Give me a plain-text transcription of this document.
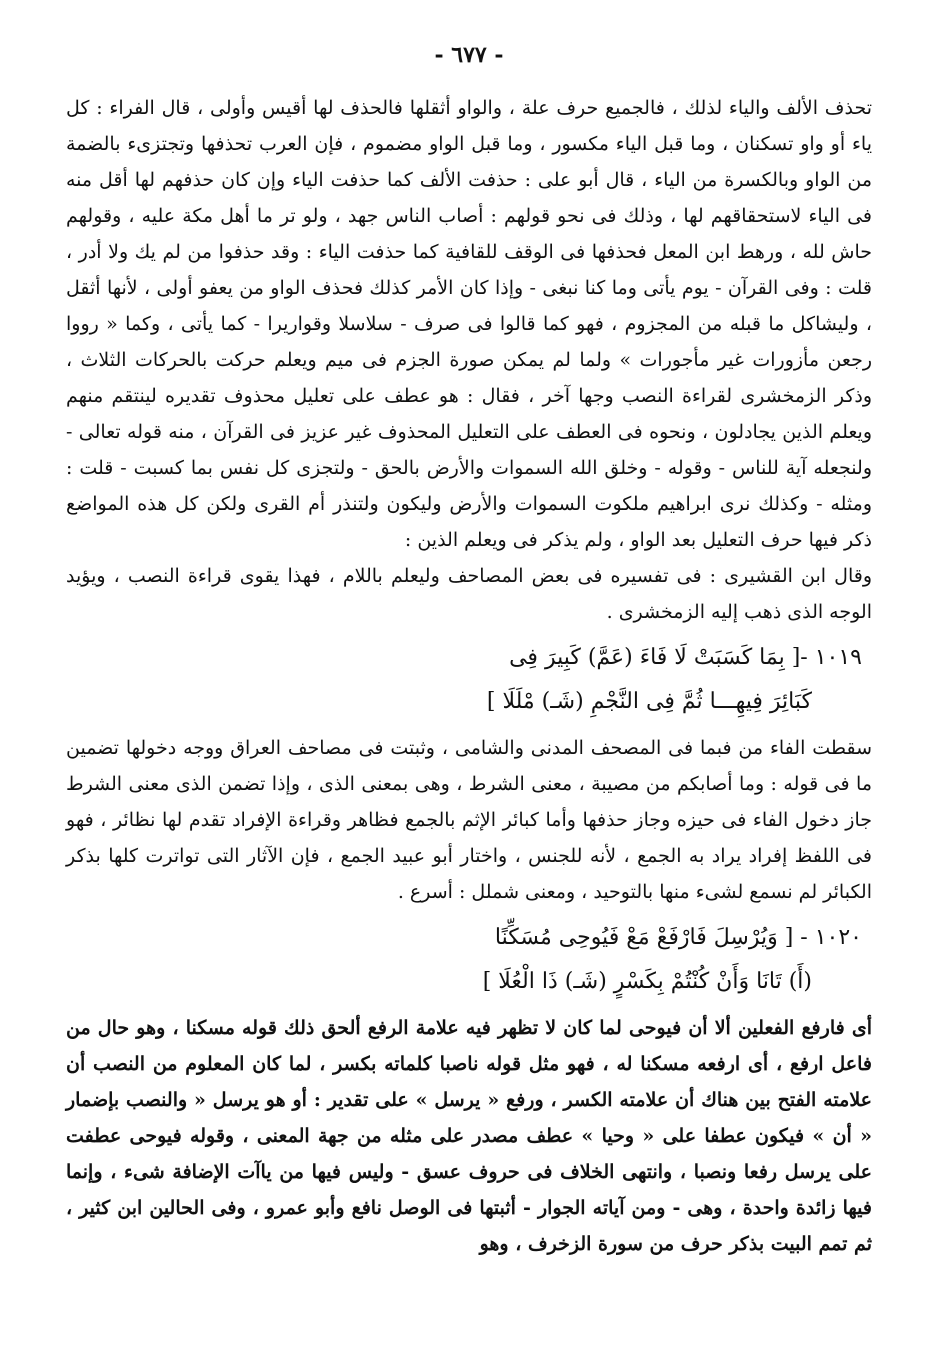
- ٦٧٧ -

تحذف الألف والياء لذلك ، فالجميع حرف علة ، والواو أثقلها فالحذف لها أقيس وأولى ، قال الفراء : كل ياء أو واو تسكنان ، وما قبل الياء مكسور ، وما قبل الواو مضموم ، فإن العرب تحذفها وتجتزىء بالضمة من الواو وبالكسرة من الياء ، قال أبو على : حذفت الألف كما حذفت الياء وإن كان حذفهم لها أقل منه فى الياء لاستحقاقهم لها ، وذلك فى نحو قولهم : أصاب الناس جهد ، ولو تر ما أهل مكة عليه ، وقولهم حاش لله ، ورهط ابن المعل فحذفها فى الوقف للقافية كما حذفت الياء : وقد حذفوا من لم يك ولا أدر ، قلت : وفى القرآن - يوم يأتى وما كنا نبغى - وإذا كان الأمر كذلك فحذف الواو من يعفو أولى ، لأنها أثقل ، وليشاكل ما قبله من المجزوم ، فهو كما قالوا فى صرف - سلاسلا وقواريرا - كما يأتى ، وكما « رووا رجعن مأزورات غير مأجورات » ولما لم يمكن صورة الجزم فى ميم ويعلم حركت بالحركات الثلاث ، وذكر الزمخشرى لقراءة النصب وجها آخر ، فقال : هو عطف على تعليل محذوف تقديره لينتقم منهم ويعلم الذين يجادلون ، ونحوه فى العطف على التعليل المحذوف غير عزيز فى القرآن ، منه قوله تعالى - ولنجعله آية للناس - وقوله - وخلق الله السموات والأرض بالحق - ولتجزى كل نفس بما كسبت - قلت : ومثله - وكذلك نرى ابراهيم ملكوت السموات والأرض وليكون ولتنذر أم القرى ولكن كل هذه المواضع ذكر فيها حرف التعليل بعد الواو ، ولم يذكر فى ويعلم الذين :

وقال ابن القشيرى : فى تفسيره فى بعض المصاحف وليعلم باللام ، فهذا يقوى قراءة النصب ، ويؤيد الوجه الذى ذهب إليه الزمخشرى .

١٠١٩ -[ بِمَا كَسَبَتْ لَا فَاءَ (عَمَّ) كَبِيرَ فِى
كَبَائِرَ فِيهِـــا ثُمَّ فِى النَّجْمِ (شَـ) مْلَلَا ]

سقطت الفاء من فبما فى المصحف المدنى والشامى ، وثبتت فى مصاحف العراق ووجه دخولها تضمين ما فى قوله : وما أصابكم من مصيبة ، معنى الشرط ، وهى بمعنى الذى ، وإذا تضمن الذى معنى الشرط جاز دخول الفاء فى حيزه وجاز حذفها وأما كبائر الإثم بالجمع فظاهر وقراءة الإفراد تقدم لها نظائر ، فهو فى اللفظ إفراد يراد به الجمع ، لأنه للجنس ، واختار أبو عبيد الجمع ، فإن الآثار التى تواترت كلها بذكر الكبائر لم نسمع لشىء منها بالتوحيد ، ومعنى شملل : أسرع .

١٠٢٠ - [ وَيُرْسِلَ فَارْفَعْ مَعْ فَيُوحِى مُسَكِّنًا
(أَ) تَانَا وَأَنْ كُنْتُمْ بِكَسْرٍ (شَـ) ذَا الْعُلَا ]

أى فارفع الفعلين ألا أن فيوحى لما كان لا تظهر فيه علامة الرفع ألحق ذلك قوله مسكنا ، وهو حال من فاعل ارفع ، أى ارفعه مسكنا له ، فهو مثل قوله ناصبا كلماته بكسر ، لما كان المعلوم من النصب أن علامته الفتح بين هناك أن علامته الكسر ، ورفع « يرسل » على تقدير : أو هو يرسل « والنصب بإضمار « أن » فيكون عطفا على « وحيا » عطف مصدر على مثله من جهة المعنى ، وقوله فيوحى عطفت على يرسل رفعا ونصبا ، وانتهى الخلاف فى حروف عسق - وليس فيها من ياآت الإضافة شىء ، وإنما فيها زائدة واحدة ، وهى - ومن آياته الجوار - أثبتها فى الوصل نافع وأبو عمرو ، وفى الحالين ابن كثير ، ثم تمم البيت بذكر حرف من سورة الزخرف ، وهو
